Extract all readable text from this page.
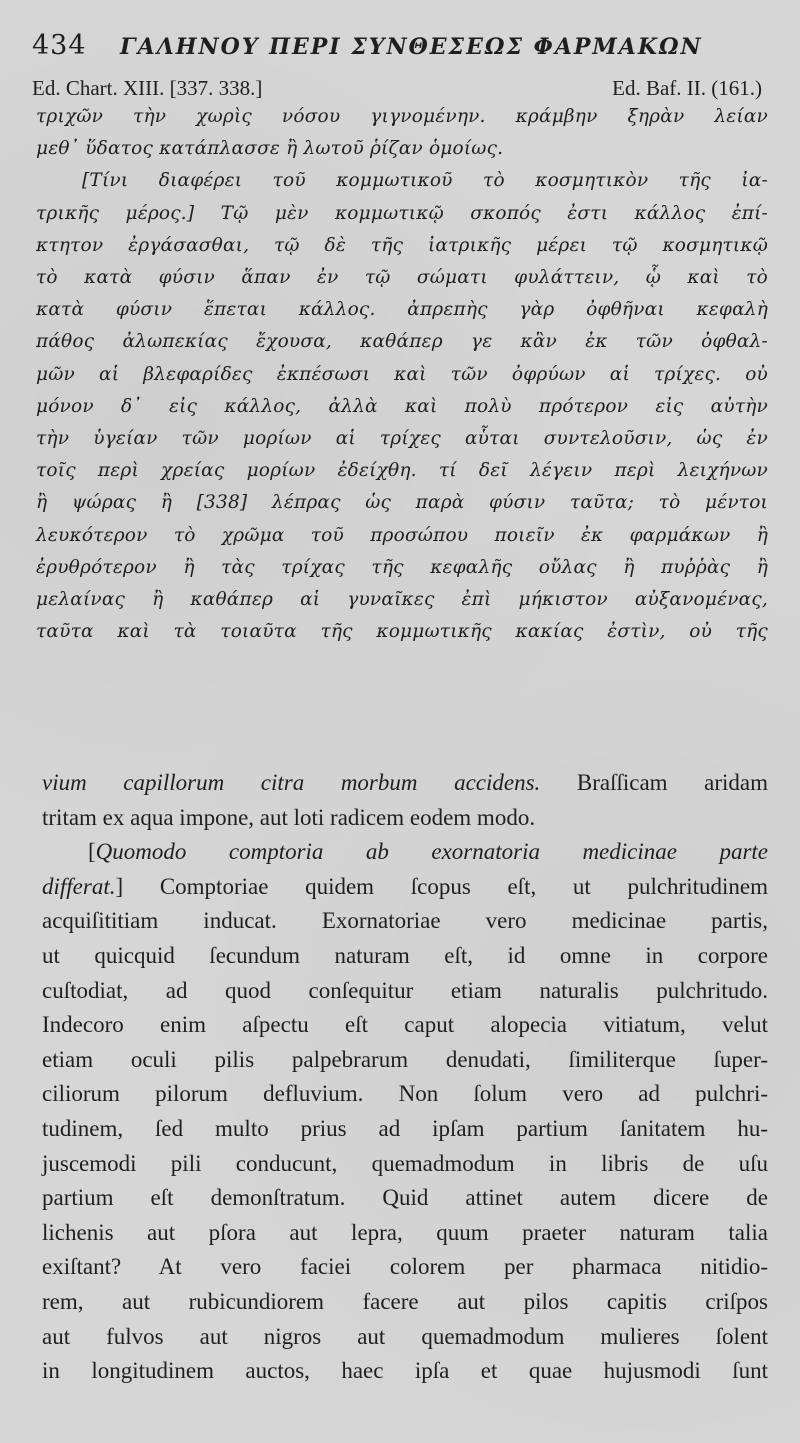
434 ΓΑΛΗΝΟΥ ΠΕΡΙ ΣΥΝΘΕΣΕΩΣ ΦΑΡΜΑΚΩΝ
Ed. Chart. XIII. [337. 338.]	Ed. Baf. II. (161.)
τριχῶν τὴν χωρὶς νόσου γιγνομένην. κράμβην ξηρὰν λείαν
μεθ᾽ ὕδατος κατάπλασσε ἢ λωτοῦ ῥίζαν ὁμοίως.
[Τίνι διαφέρει τοῦ κομμωτικοῦ τὸ κοσμητικὸν τῆς ἰα-
τρικῆς μέρος.] Τῷ μὲν κομμωτικῷ σκοπός ἐστι κάλλος ἐπί-
κτητον ἐργάσασθαι, τῷ δὲ τῆς ἰατρικῆς μέρει τῷ κοσμητικῷ
τὸ κατὰ φύσιν ἅπαν ἐν τῷ σώματι φυλάττειν, ᾧ καὶ τὸ
κατὰ φύσιν ἕπεται κάλλος. ἀπρεπὴς γὰρ ὀφθῆναι κεφαλὴ
πάθος ἀλωπεκίας ἔχουσα, καθάπερ γε κἂν ἐκ τῶν ὀφθαλ-
μῶν αἱ βλεφαρίδες ἐκπέσωσι καὶ τῶν ὀφρύων αἱ τρίχες. οὐ
μόνον δ᾽ εἰς κάλλος, ἀλλὰ καὶ πολὺ πρότερον εἰς αὐτὴν
τὴν ὑγείαν τῶν μορίων αἱ τρίχες αὗται συντελοῦσιν, ὡς ἐν
τοῖς περὶ χρείας μορίων ἐδείχθη. τί δεῖ λέγειν περὶ λειχήνων
ἢ ψώρας ἢ [338] λέπρας ὡς παρὰ φύσιν ταῦτα; τὸ μέντοι
λευκότερον τὸ χρῶμα τοῦ προσώπου ποιεῖν ἐκ φαρμάκων ἢ
ἐρυθρότερον ἢ τὰς τρίχας τῆς κεφαλῆς οὔλας ἢ πυῤῥὰς ἢ
μελαίνας ἢ καθάπερ αἱ γυναῖκες ἐπὶ μήκιστον αὐξανομένας,
ταῦτα καὶ τὰ τοιαῦτα τῆς κομμωτικῆς κακίας ἐστὶν, οὐ τῆς
vium capillorum citra morbum accidens. Braſſicam aridam
tritam ex aqua impone, aut loti radicem eodem modo.
[Quomodo comptoria ab exornatoria medicinae parte
differat.] Comptoriae quidem ſcopus eſt, ut pulchritudinem
acquiſititiam inducat. Exornatoriae vero medicinae partis,
ut quicquid ſecundum naturam eſt, id omne in corpore
cuſtodiat, ad quod conſequitur etiam naturalis pulchritudo.
Indecoro enim aſpectu eſt caput alopecia vitiatum, velut
etiam oculi pilis palpebrarum denudati, ſimiliterque ſuper-
ciliorum pilorum defluvium. Non ſolum vero ad pulchri-
tudinem, ſed multo prius ad ipſam partium ſanitatem hu-
juscemodi pili conducunt, quemadmodum in libris de uſu
partium eſt demonſtratum. Quid attinet autem dicere de
lichenis aut pſora aut lepra, quum praeter naturam talia
exiſtant? At vero faciei colorem per pharmaca nitidio-
rem, aut rubicundiorem facere aut pilos capitis criſpos
aut fulvos aut nigros aut quemadmodum mulieres ſolent
in longitudinem auctos, haec ipſa et quae hujusmodi ſunt
